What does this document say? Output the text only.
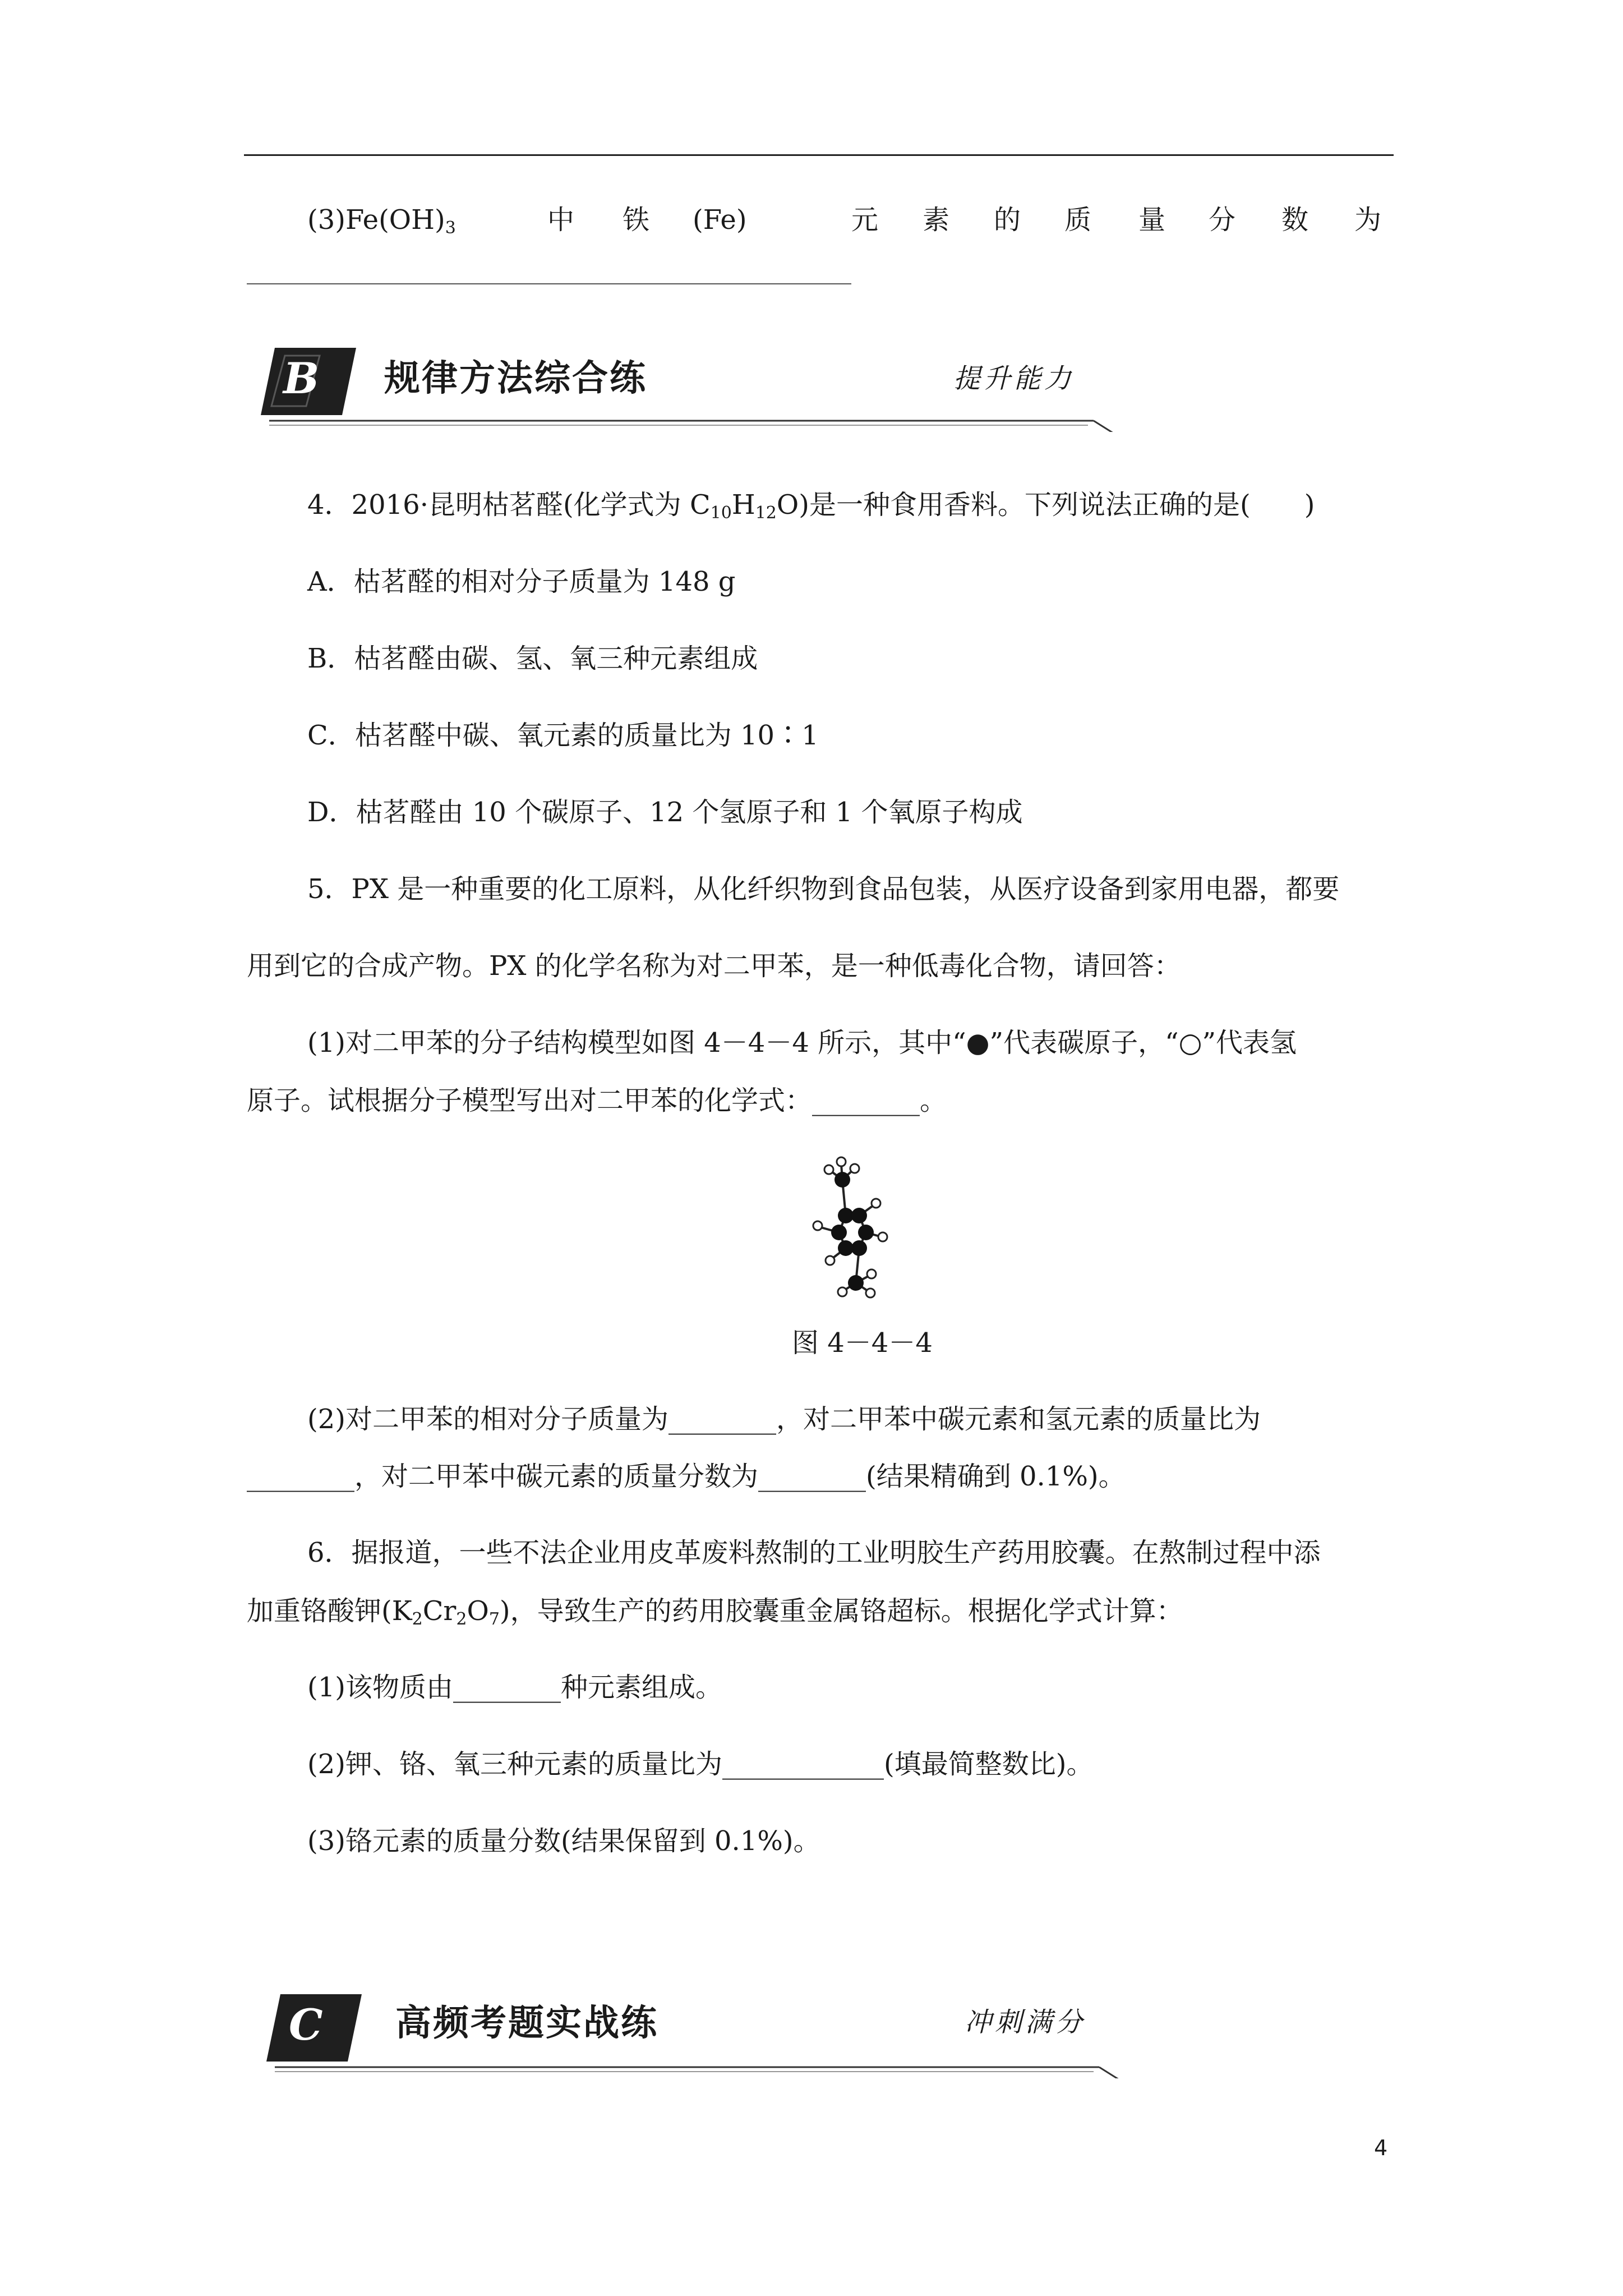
$(3)Fe(OH)_3$	中 铁 (Fe)	元 素 的 质 量 分 数 为
B 规律方法综合练	提升能力
4．2016·昆明枯茗醛(化学式为 $C_{10}H_{12}O$)是一种食用香料。下列说法正确的是(　　)
A．枯茗醛的相对分子质量为 148 g
B．枯茗醛由碳、氢、氧三种元素组成
C．枯茗醛中碳、氧元素的质量比为 10∶1
D．枯茗醛由 10 个碳原子、12 个氢原子和 1 个氧原子构成
5．PX 是一种重要的化工原料，从化纤织物到食品包装，从医疗设备到家用电器，都要
用到它的合成产物。PX 的化学名称为对二甲苯，是一种低毒化合物，请回答：
(1)对二甲苯的分子结构模型如图 4－4－4 所示，其中“●”代表碳原子，“○”代表氢
原子。试根据分子模型写出对二甲苯的化学式：________。
图 4－4－4
(2)对二甲苯的相对分子质量为________，对二甲苯中碳元素和氢元素的质量比为
________，对二甲苯中碳元素的质量分数为________(结果精确到 0.1%)。
6．据报道，一些不法企业用皮革废料熬制的工业明胶生产药用胶囊。在熬制过程中添
加重铬酸钾$(K_2Cr_2O_7)$，导致生产的药用胶囊重金属铬超标。根据化学式计算：
(1)该物质由________种元素组成。
(2)钾、铬、氧三种元素的质量比为____________(填最简整数比)。
(3)铬元素的质量分数(结果保留到 0.1%)。
C 高频考题实战练	冲刺满分
4
